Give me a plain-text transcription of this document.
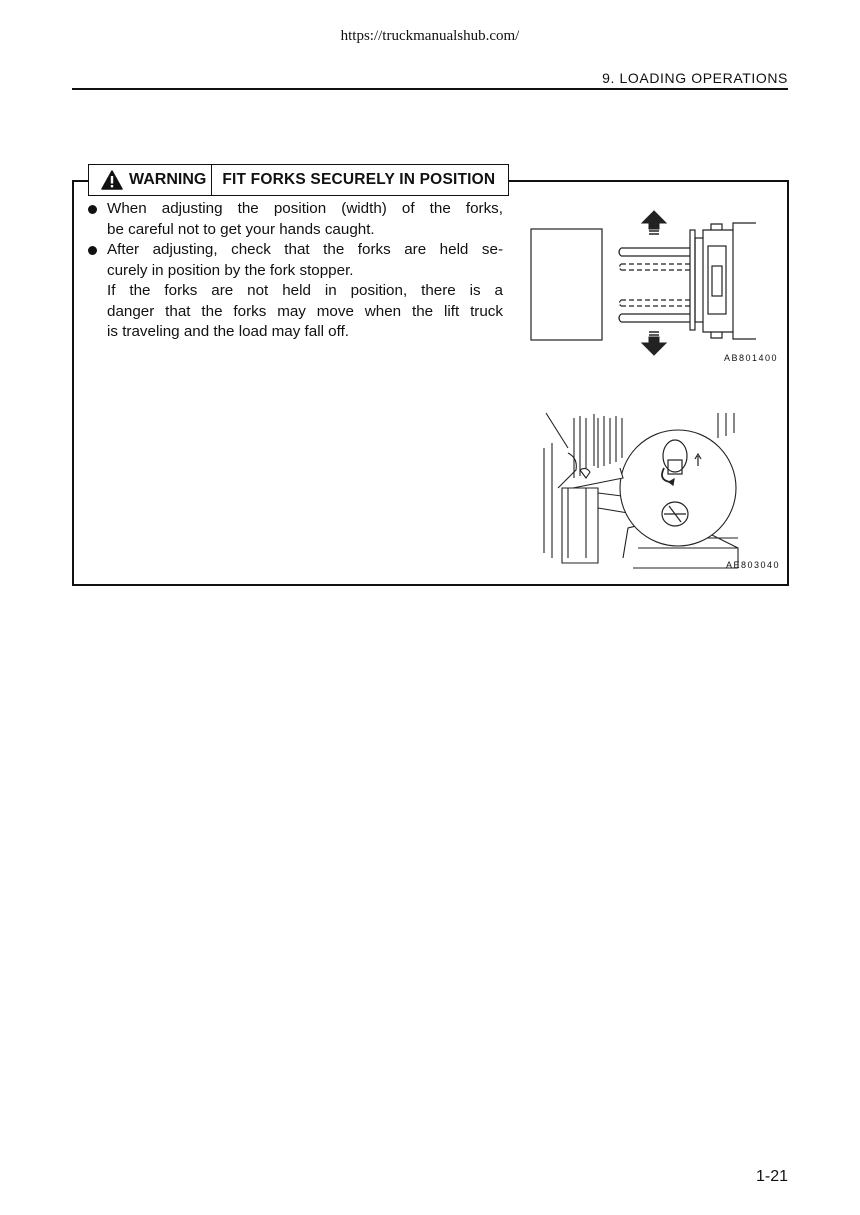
https://truckmanualshub.com/
9. LOADING OPERATIONS
WARNING	FIT FORKS SECURELY IN POSITION
When adjusting the position (width) of the forks,
be careful not to get your hands caught.
After adjusting, check that the forks are held se-
curely in position by the fork stopper.
If the forks are not held in position, there is a
danger that the forks may move when the lift truck
is traveling and the load may fall off.
AB801400
AE803040
1-21
